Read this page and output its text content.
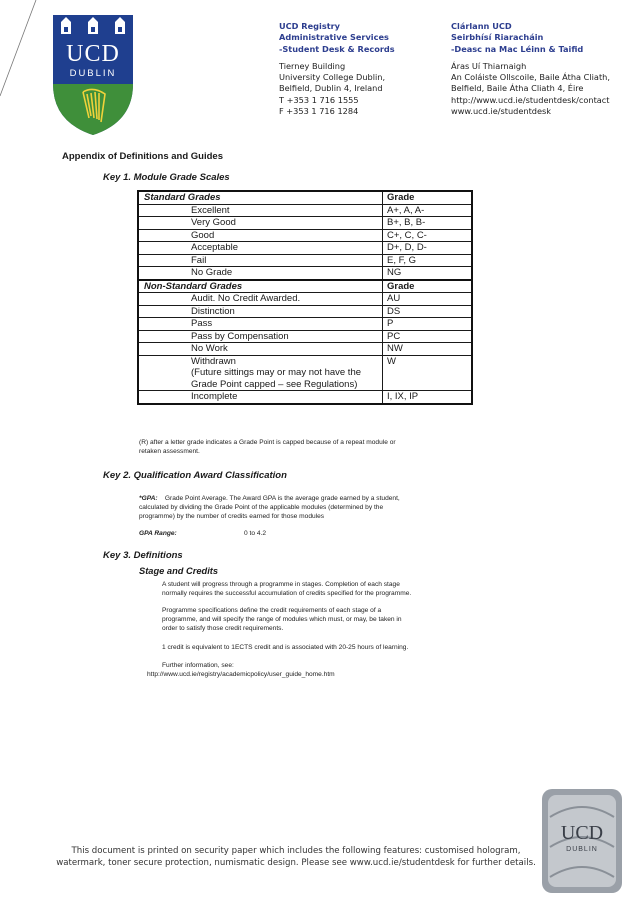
UCD
DUBLIN
UCD Registry
Administrative Services
-Student Desk & Records
Tierney Building
University College Dublin,
Belfield, Dublin 4, Ireland
T +353 1 716 1555
F +353 1 716 1284
Clárlann UCD
Seirbhísí Riaracháin
-Deasc na Mac Léinn & Taifid
Áras Uí Thiarnaigh
An Coláiste Ollscoile, Baile Átha Cliath,
Belfield, Baile Átha Cliath 4, Éire
http://www.ucd.ie/studentdesk/contact
www.ucd.ie/studentdesk
Appendix of Definitions and Guides
Key 1. Module Grade Scales
Standard Grades	Grade

Excellent	A+, A, A-

Very Good	B+, B, B-

Good	C+, C, C-

Acceptable	D+, D, D-

Fail	E, F, G

No Grade	NG
Non-Standard Grades	Grade

Audit. No Credit Awarded.	AU

Distinction	DS

Pass	P

Pass by Compensation	PC

No Work	NW

Withdrawn
(Future sittings may or may not have the
Grade Point capped – see Regulations)	W

Incomplete	I, IX, IP
(R) after a letter grade indicates a Grade Point is capped because of a repeat module or
retaken assessment.
Key 2. Qualification Award Classification
*GPA: Grade Point Average. The Award GPA is the average grade earned by a student,
calculated by dividing the Grade Point of the applicable modules (determined by the
programme) by the number of credits earned for those modules
GPA Range:	0 to 4.2
Key 3. Definitions
Stage and Credits
A student will progress through a programme in stages. Completion of each stage
normally requires the successful accumulation of credits specified for the programme.
Programme specifications define the credit requirements of each stage of a
programme, and will specify the range of modules which must, or may, be taken in
order to satisfy those credit requirements.
1 credit is equivalent to 1ECTS credit and is associated with 20-25 hours of learning.
Further information, see:
http://www.ucd.ie/registry/academicpolicy/user_guide_home.htm
UCD
DUBLIN
This document is printed on security paper which includes the following features: customised hologram,
watermark, toner secure protection, numismatic design. Please see www.ucd.ie/studentdesk for further details.
